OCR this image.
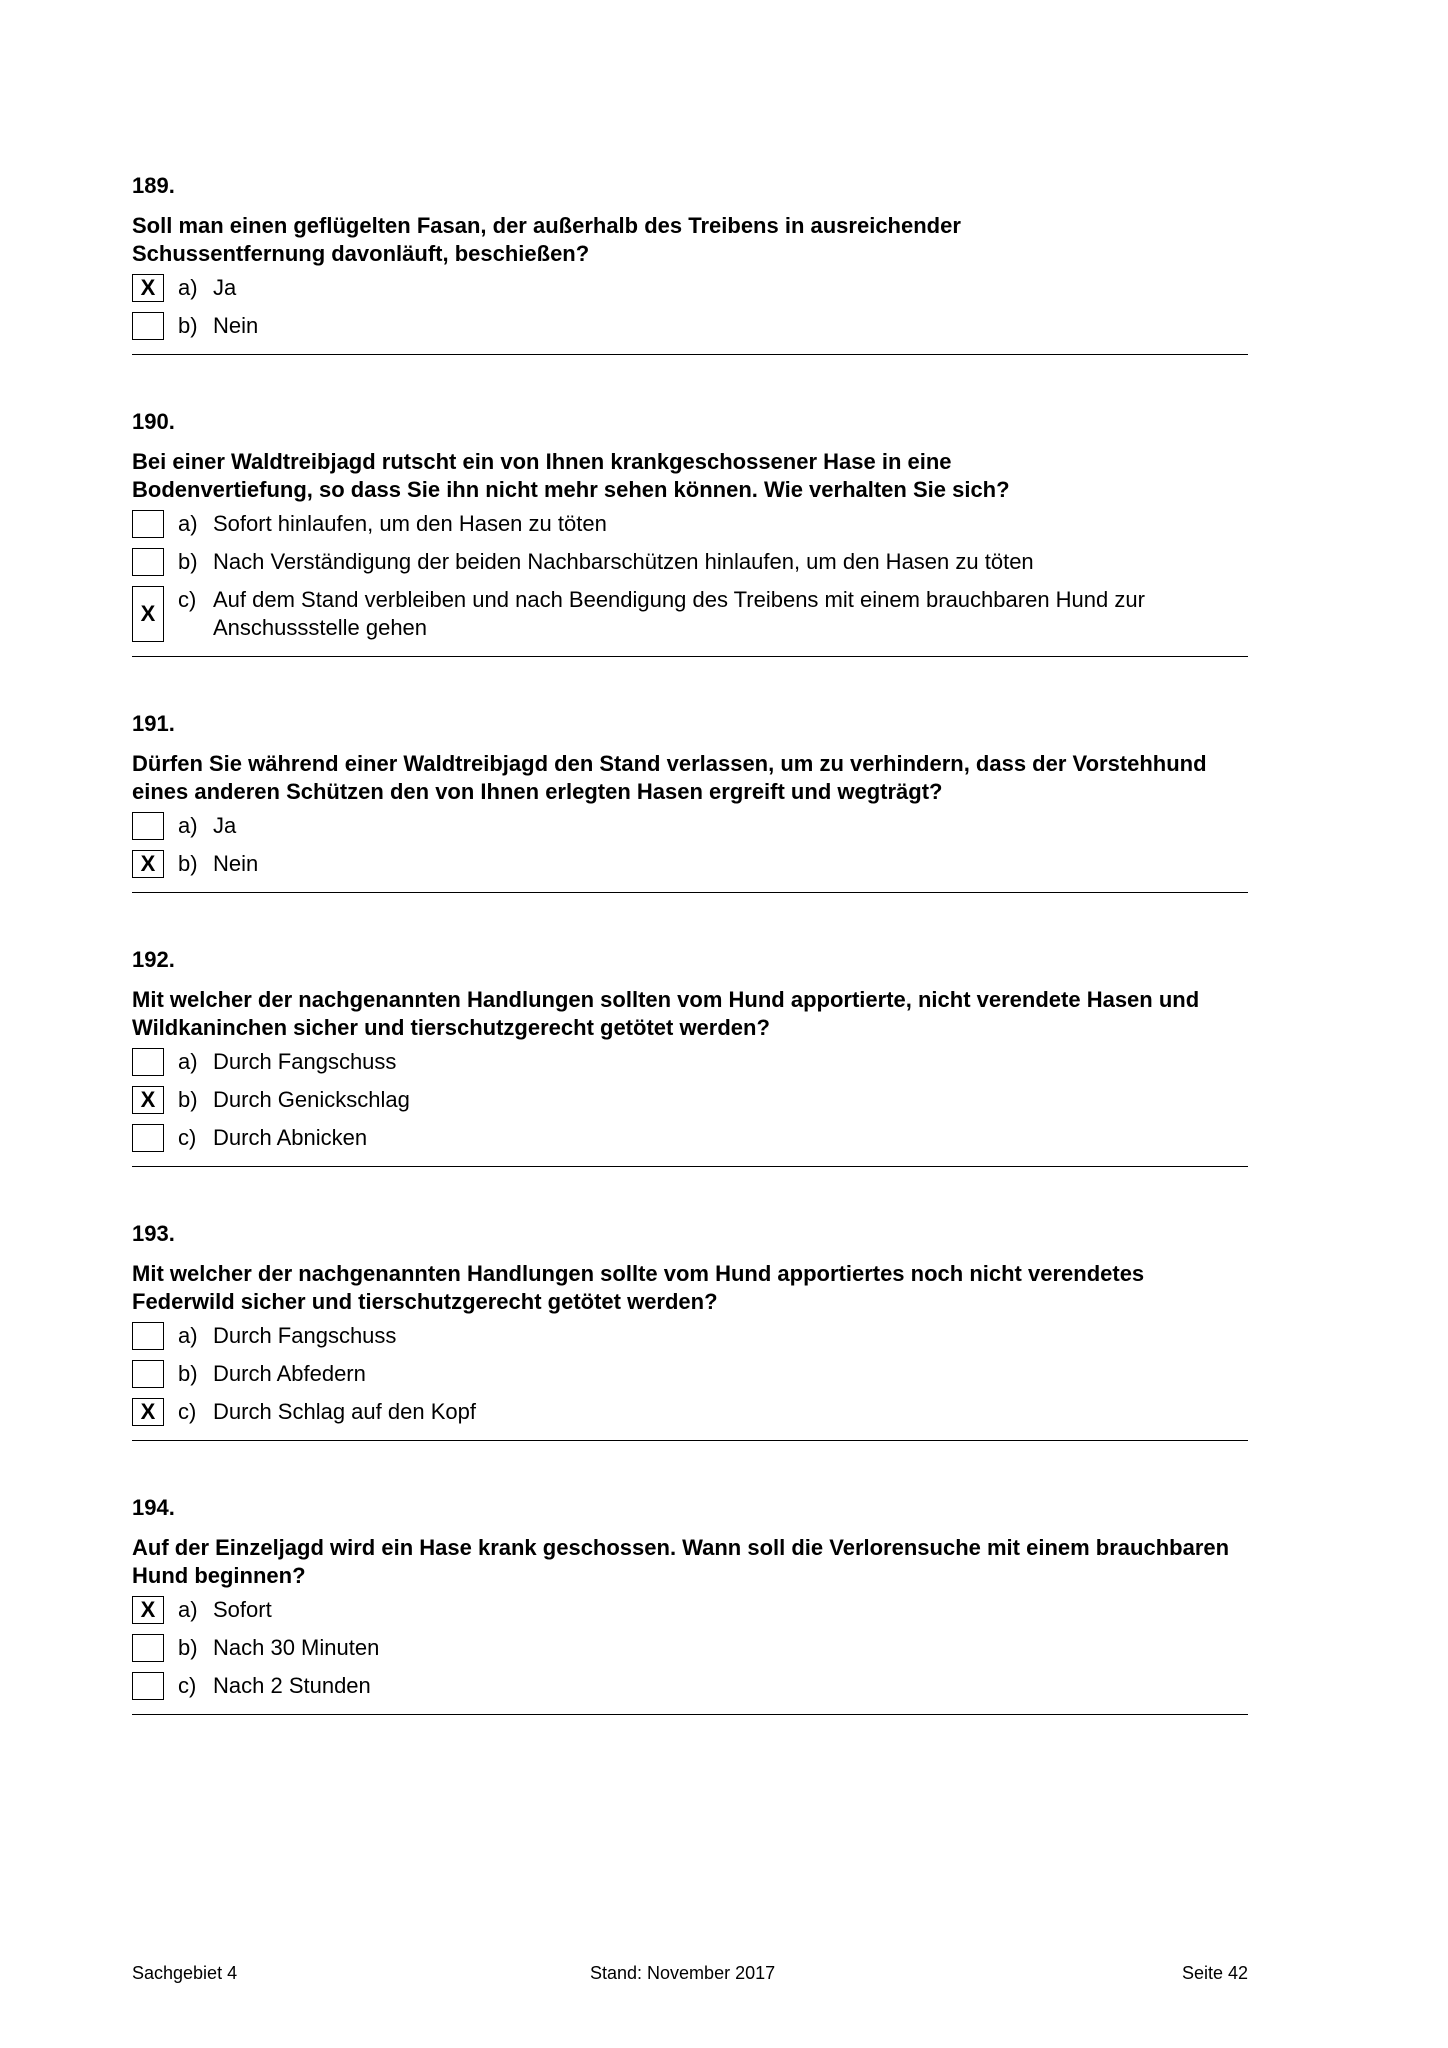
189.
Soll man einen geflügelten Fasan, der außerhalb des Treibens in ausreichender Schussentfernung davonläuft, beschießen?
X	a) Ja
b) Nein
190.
Bei einer Waldtreibjagd rutscht ein von Ihnen krankgeschossener Hase in eine Bodenvertiefung, so dass Sie ihn nicht mehr sehen können. Wie verhalten Sie sich?
a) Sofort hinlaufen, um den Hasen zu töten
b) Nach Verständigung der beiden Nachbarschützen hinlaufen, um den Hasen zu töten
X
c) Auf dem Stand verbleiben und nach Beendigung des Treibens mit einem brauchbaren Hund zur Anschussstelle gehen
191.
Dürfen Sie während einer Waldtreibjagd den Stand verlassen, um zu verhindern, dass der Vorstehhund eines anderen Schützen den von Ihnen erlegten Hasen ergreift und wegträgt?
a) Ja
X	b) Nein
192.
Mit welcher der nachgenannten Handlungen sollten vom Hund apportierte, nicht verendete Hasen und Wildkaninchen sicher und tierschutzgerecht getötet werden?
a) Durch Fangschuss
X	b) Durch Genickschlag
c) Durch Abnicken
193.
Mit welcher der nachgenannten Handlungen sollte vom Hund apportiertes noch nicht verendetes Federwild sicher und tierschutzgerecht getötet werden?
a) Durch Fangschuss
b) Durch Abfedern
X	c) Durch Schlag auf den Kopf
194.
Auf der Einzeljagd wird ein Hase krank geschossen. Wann soll die Verlorensuche mit einem brauchbaren Hund beginnen?
X	a) Sofort
b) Nach 30 Minuten
c) Nach 2 Stunden
Sachgebiet 4	Stand: November 2017	Seite 42
